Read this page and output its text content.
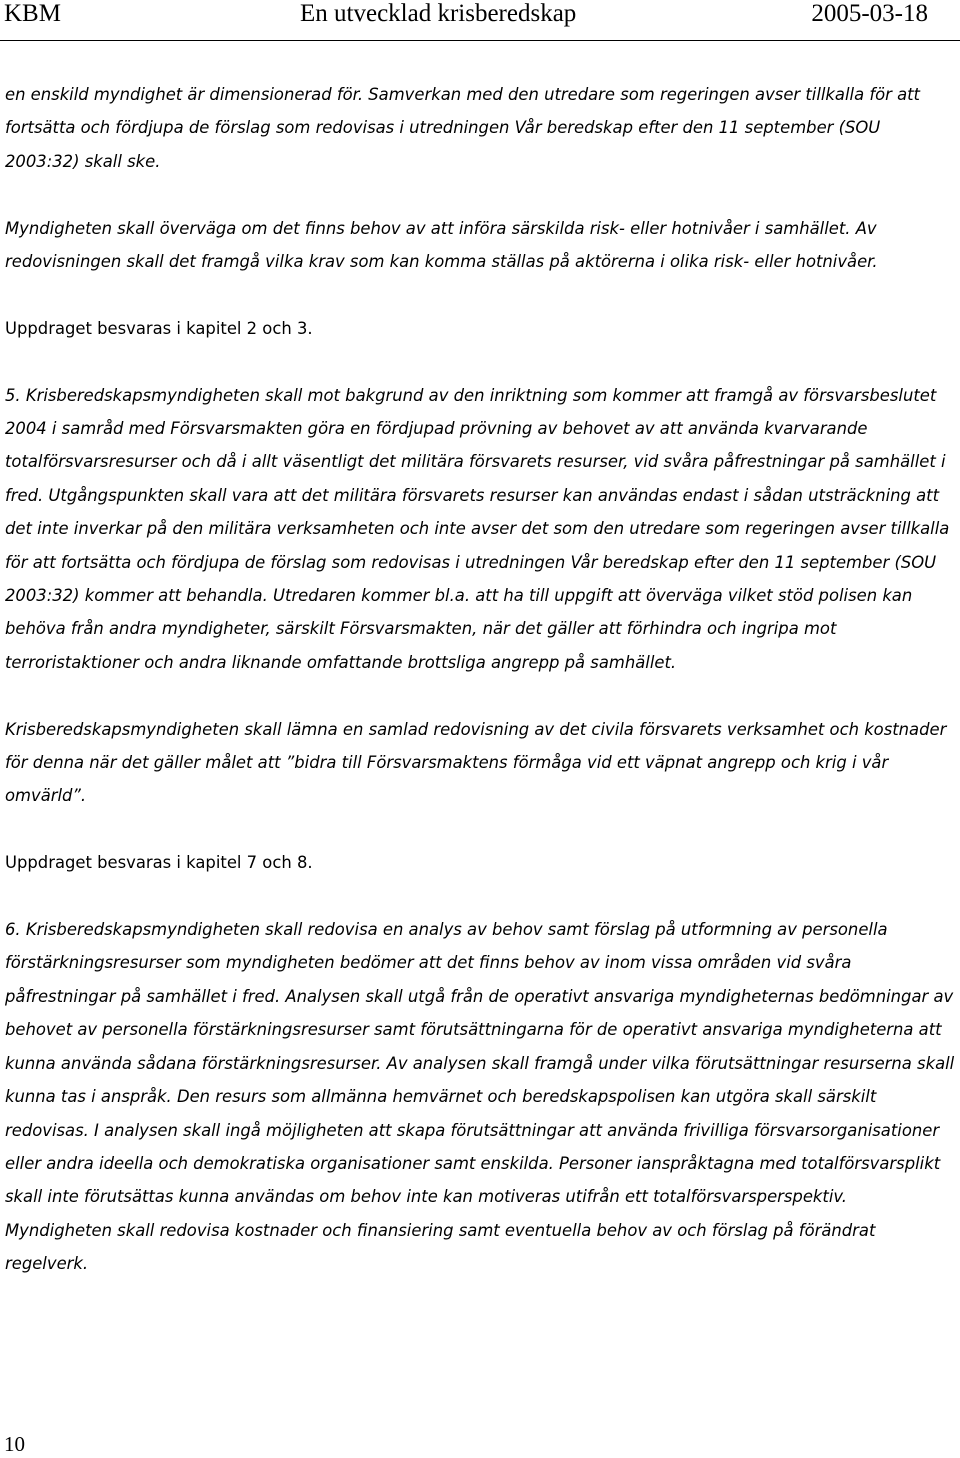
KBM	En utvecklad krisberedskap	2005-03-18

en enskild myndighet är dimensionerad för. Samverkan med den utredare som regeringen avser tillkalla för att fortsätta och fördjupa de förslag som redovisas i utredningen Vår beredskap efter den 11 september (SOU 2003:32) skall ske.

Myndigheten skall överväga om det finns behov av att införa särskilda risk- eller hotnivåer i samhället. Av redovisningen skall det framgå vilka krav som kan komma ställas på aktörerna i olika risk- eller hotnivåer.

Uppdraget besvaras i kapitel 2 och 3.

5. Krisberedskapsmyndigheten skall mot bakgrund av den inriktning som kommer att framgå av försvarsbeslutet 2004 i samråd med Försvarsmakten göra en fördjupad prövning av behovet av att använda kvarvarande totalförsvarsresurser och då i allt väsentligt det militära försvarets resurser, vid svåra påfrestningar på samhället i fred. Utgångspunkten skall vara att det militära försvarets resurser kan användas endast i sådan utsträckning att det inte inverkar på den militära verksamheten och inte avser det som den utredare som regeringen avser tillkalla för att fortsätta och fördjupa de förslag som redovisas i utredningen Vår beredskap efter den 11 september (SOU 2003:32) kommer att behandla. Utredaren kommer bl.a. att ha till uppgift att överväga vilket stöd polisen kan behöva från andra myndigheter, särskilt Försvarsmakten, när det gäller att förhindra och ingripa mot terroristaktioner och andra liknande omfattande brottsliga angrepp på samhället.

Krisberedskapsmyndigheten skall lämna en samlad redovisning av det civila försvarets verksamhet och kostnader för denna när det gäller målet att ”bidra till Försvarsmaktens förmåga vid ett väpnat angrepp och krig i vår omvärld”.

Uppdraget besvaras i kapitel 7 och 8.

6. Krisberedskapsmyndigheten skall redovisa en analys av behov samt förslag på utformning av personella förstärkningsresurser som myndigheten bedömer att det finns behov av inom vissa områden vid svåra påfrestningar på samhället i fred. Analysen skall utgå från de operativt ansvariga myndigheternas bedömningar av behovet av personella förstärkningsresurser samt förutsättningarna för de operativt ansvariga myndigheterna att kunna använda sådana förstärkningsresurser. Av analysen skall framgå under vilka förutsättningar resurserna skall kunna tas i anspråk. Den resurs som allmänna hemvärnet och beredskapspolisen kan utgöra skall särskilt redovisas. I analysen skall ingå möjligheten att skapa förutsättningar att använda frivilliga försvarsorganisationer eller andra ideella och demokratiska organisationer samt enskilda. Personer ianspråktagna med totalförsvarsplikt skall inte förutsättas kunna användas om behov inte kan motiveras utifrån ett totalförsvarsperspektiv. Myndigheten skall redovisa kostnader och finansiering samt eventuella behov av och förslag på förändrat regelverk.

10
